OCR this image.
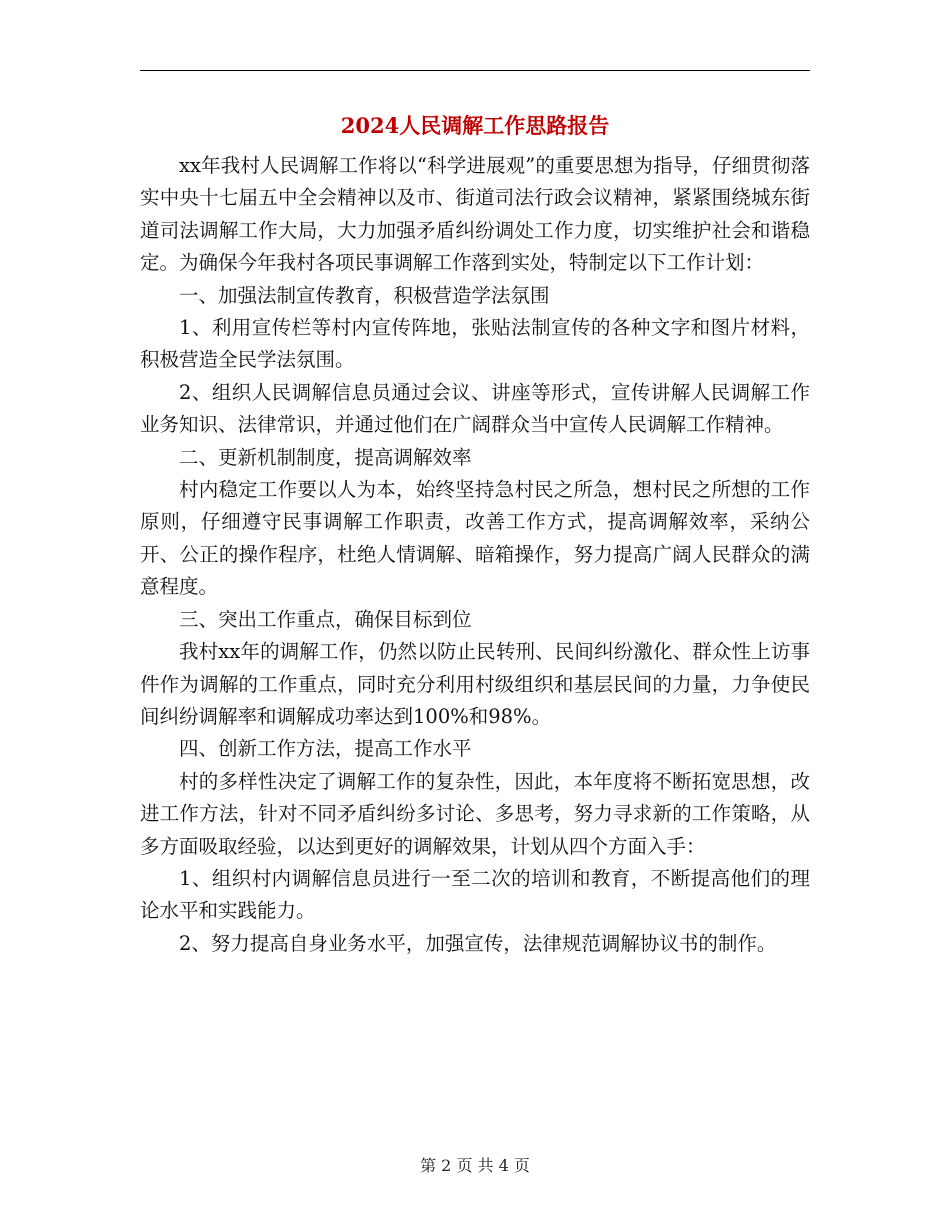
2024人民调解工作思路报告

xx年我村人民调解工作将以“科学进展观”的重要思想为指导，仔细贯彻落实中央十七届五中全会精神以及市、街道司法行政会议精神，紧紧围绕城东街道司法调解工作大局，大力加强矛盾纠纷调处工作力度，切实维护社会和谐稳定。为确保今年我村各项民事调解工作落到实处，特制定以下工作计划：

一、加强法制宣传教育，积极营造学法氛围

1、利用宣传栏等村内宣传阵地，张贴法制宣传的各种文字和图片材料，积极营造全民学法氛围。

2、组织人民调解信息员通过会议、讲座等形式，宣传讲解人民调解工作业务知识、法律常识，并通过他们在广阔群众当中宣传人民调解工作精神。

二、更新机制制度，提高调解效率

村内稳定工作要以人为本，始终坚持急村民之所急，想村民之所想的工作原则，仔细遵守民事调解工作职责，改善工作方式，提高调解效率，采纳公开、公正的操作程序，杜绝人情调解、暗箱操作，努力提高广阔人民群众的满意程度。

三、突出工作重点，确保目标到位

我村xx年的调解工作，仍然以防止民转刑、民间纠纷激化、群众性上访事件作为调解的工作重点，同时充分利用村级组织和基层民间的力量，力争使民间纠纷调解率和调解成功率达到100%和98%。

四、创新工作方法，提高工作水平

村的多样性决定了调解工作的复杂性，因此，本年度将不断拓宽思想，改进工作方法，针对不同矛盾纠纷多讨论、多思考，努力寻求新的工作策略，从多方面吸取经验，以达到更好的调解效果，计划从四个方面入手：

1、组织村内调解信息员进行一至二次的培训和教育，不断提高他们的理论水平和实践能力。

2、努力提高自身业务水平，加强宣传，法律规范调解协议书的制作。

第 2 页 共 4 页
